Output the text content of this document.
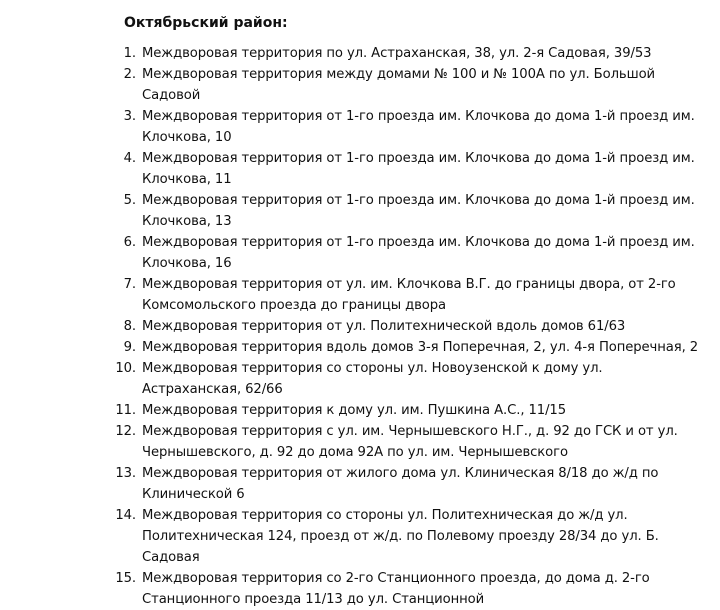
Октябрьский район:
1. Междворовая территория по ул. Астраханская, 38, ул. 2-я Садовая, 39/53
2. Междворовая территория между домами № 100 и № 100А по ул. Большой Садовой
3. Междворовая территория от 1-го проезда им. Клочкова до дома 1-й проезд им. Клочкова, 10
4. Междворовая территория от 1-го проезда им. Клочкова до дома 1-й проезд им. Клочкова, 11
5. Междворовая территория от 1-го проезда им. Клочкова до дома 1-й проезд им. Клочкова, 13
6. Междворовая территория от 1-го проезда им. Клочкова до дома 1-й проезд им. Клочкова, 16
7. Междворовая территория от ул. им. Клочкова В.Г. до границы двора, от 2-го Комсомольского проезда до границы двора
8. Междворовая территория от ул. Политехнической вдоль домов 61/63
9. Междворовая территория вдоль домов 3-я Поперечная, 2, ул. 4-я Поперечная, 2
10. Междворовая территория со стороны ул. Новоузенской к дому ул. Астраханская, 62/66
11. Междворовая территория к дому ул. им. Пушкина А.С., 11/15
12. Междворовая территория с ул. им. Чернышевского Н.Г., д. 92 до ГСК и от ул. Чернышевского, д. 92 до дома 92А по ул. им. Чернышевского
13. Междворовая территория от жилого дома ул. Клиническая 8/18 до ж/д по Клинической 6
14. Междворовая территория со стороны ул. Политехническая до ж/д ул. Политехническая 124, проезд от ж/д. по Полевому проезду 28/34 до ул. Б. Садовая
15. Междворовая территория со 2-го Станционного проезда, до дома д. 2-го Станционного проезда 11/13 до ул. Станционной
